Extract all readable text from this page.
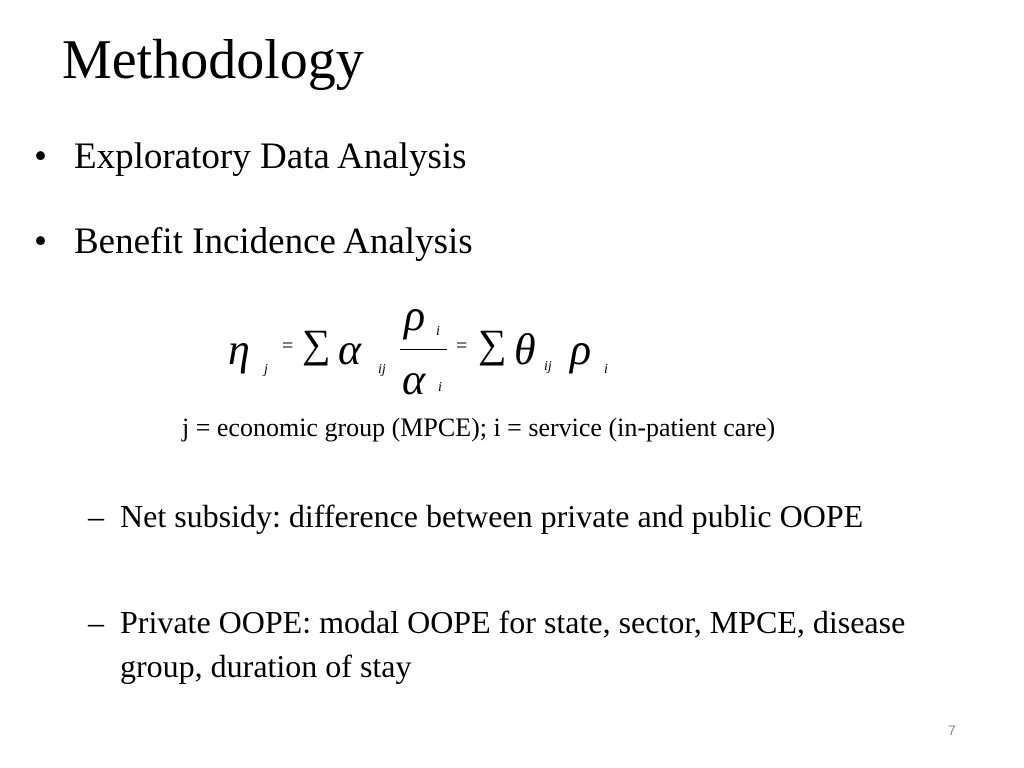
Methodology
• Exploratory Data Analysis
• Benefit Incidence Analysis
η j
= ∑ α ij
ρ i
α i
= ∑ θ ij ρ i
j = economic group (MPCE); i = service (in-patient care)
– Net subsidy: difference between private and public OOPE
– Private OOPE: modal OOPE for state, sector, MPCE, disease group, duration of stay
7
